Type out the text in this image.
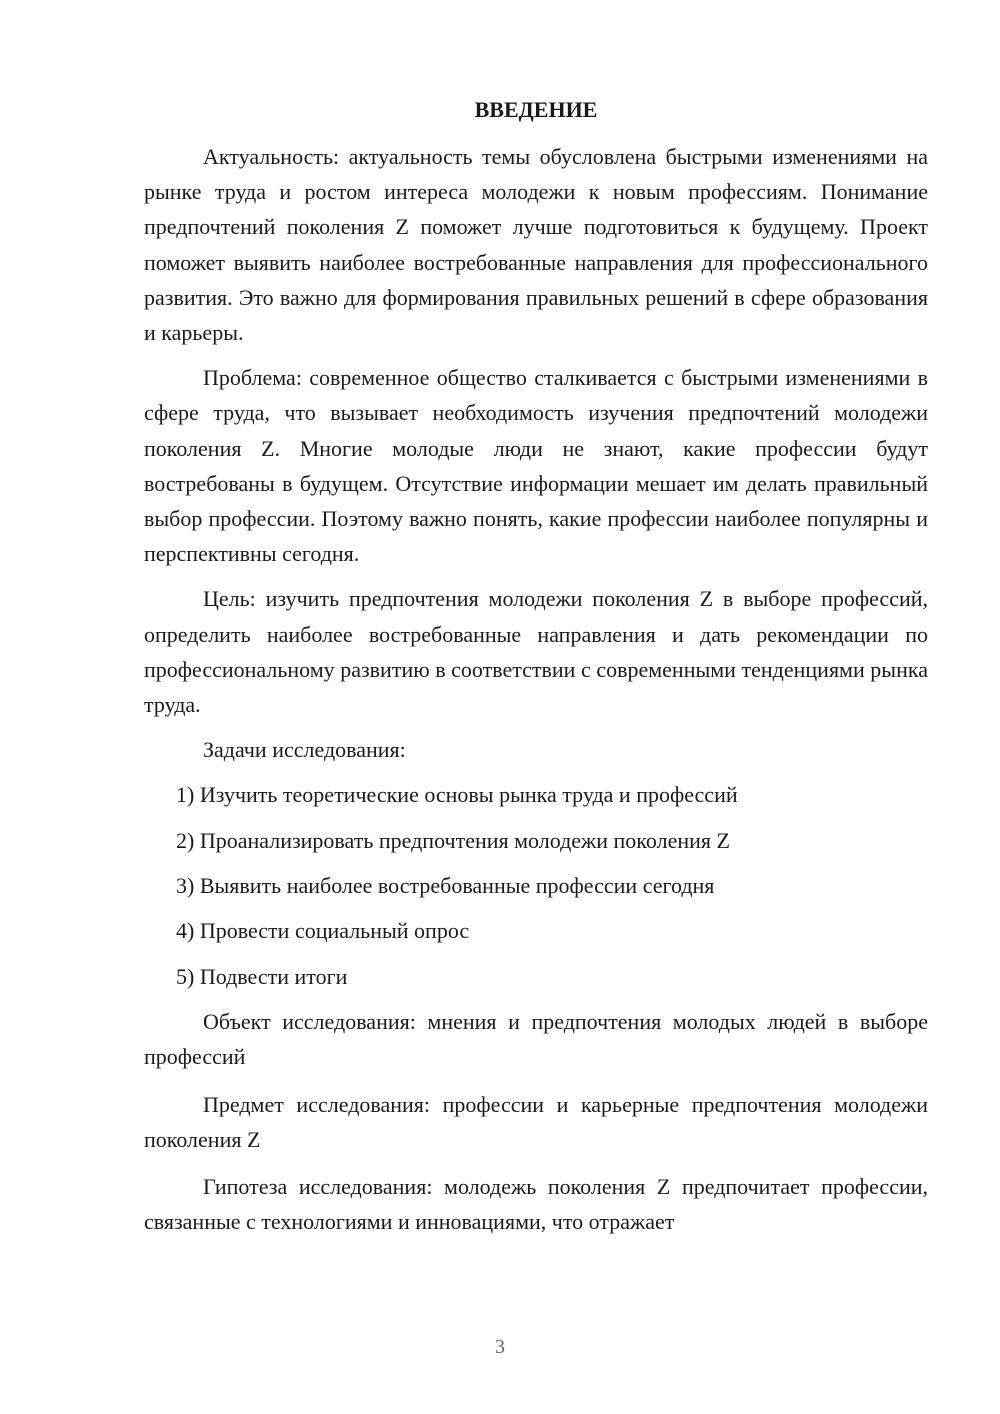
ВВЕДЕНИЕ

Актуальность: актуальность темы обусловлена быстрыми изменениями на рынке труда и ростом интереса молодежи к новым профессиям. Понимание предпочтений поколения Z поможет лучше подготовиться к будущему. Проект поможет выявить наиболее востребованные направления для профессионального развития. Это важно для формирования правильных решений в сфере образования и карьеры.

Проблема: современное общество сталкивается с быстрыми изменениями в сфере труда, что вызывает необходимость изучения предпочтений молодежи поколения Z. Многие молодые люди не знают, какие профессии будут востребованы в будущем. Отсутствие информации мешает им делать правильный выбор профессии. Поэтому важно понять, какие профессии наиболее популярны и перспективны сегодня.

Цель: изучить предпочтения молодежи поколения Z в выборе профессий, определить наиболее востребованные направления и дать рекомендации по профессиональному развитию в соответствии с современными тенденциями рынка труда.

Задачи исследования:
1) Изучить теоретические основы рынка труда и профессий
2) Проанализировать предпочтения молодежи поколения Z
3) Выявить наиболее востребованные профессии сегодня
4) Провести социальный опрос
5) Подвести итоги

Объект исследования: мнения и предпочтения молодых людей в выборе профессий

Предмет исследования: профессии и карьерные предпочтения молодежи поколения Z

Гипотеза исследования: молодежь поколения Z предпочитает профессии, связанные с технологиями и инновациями, что отражает

3
